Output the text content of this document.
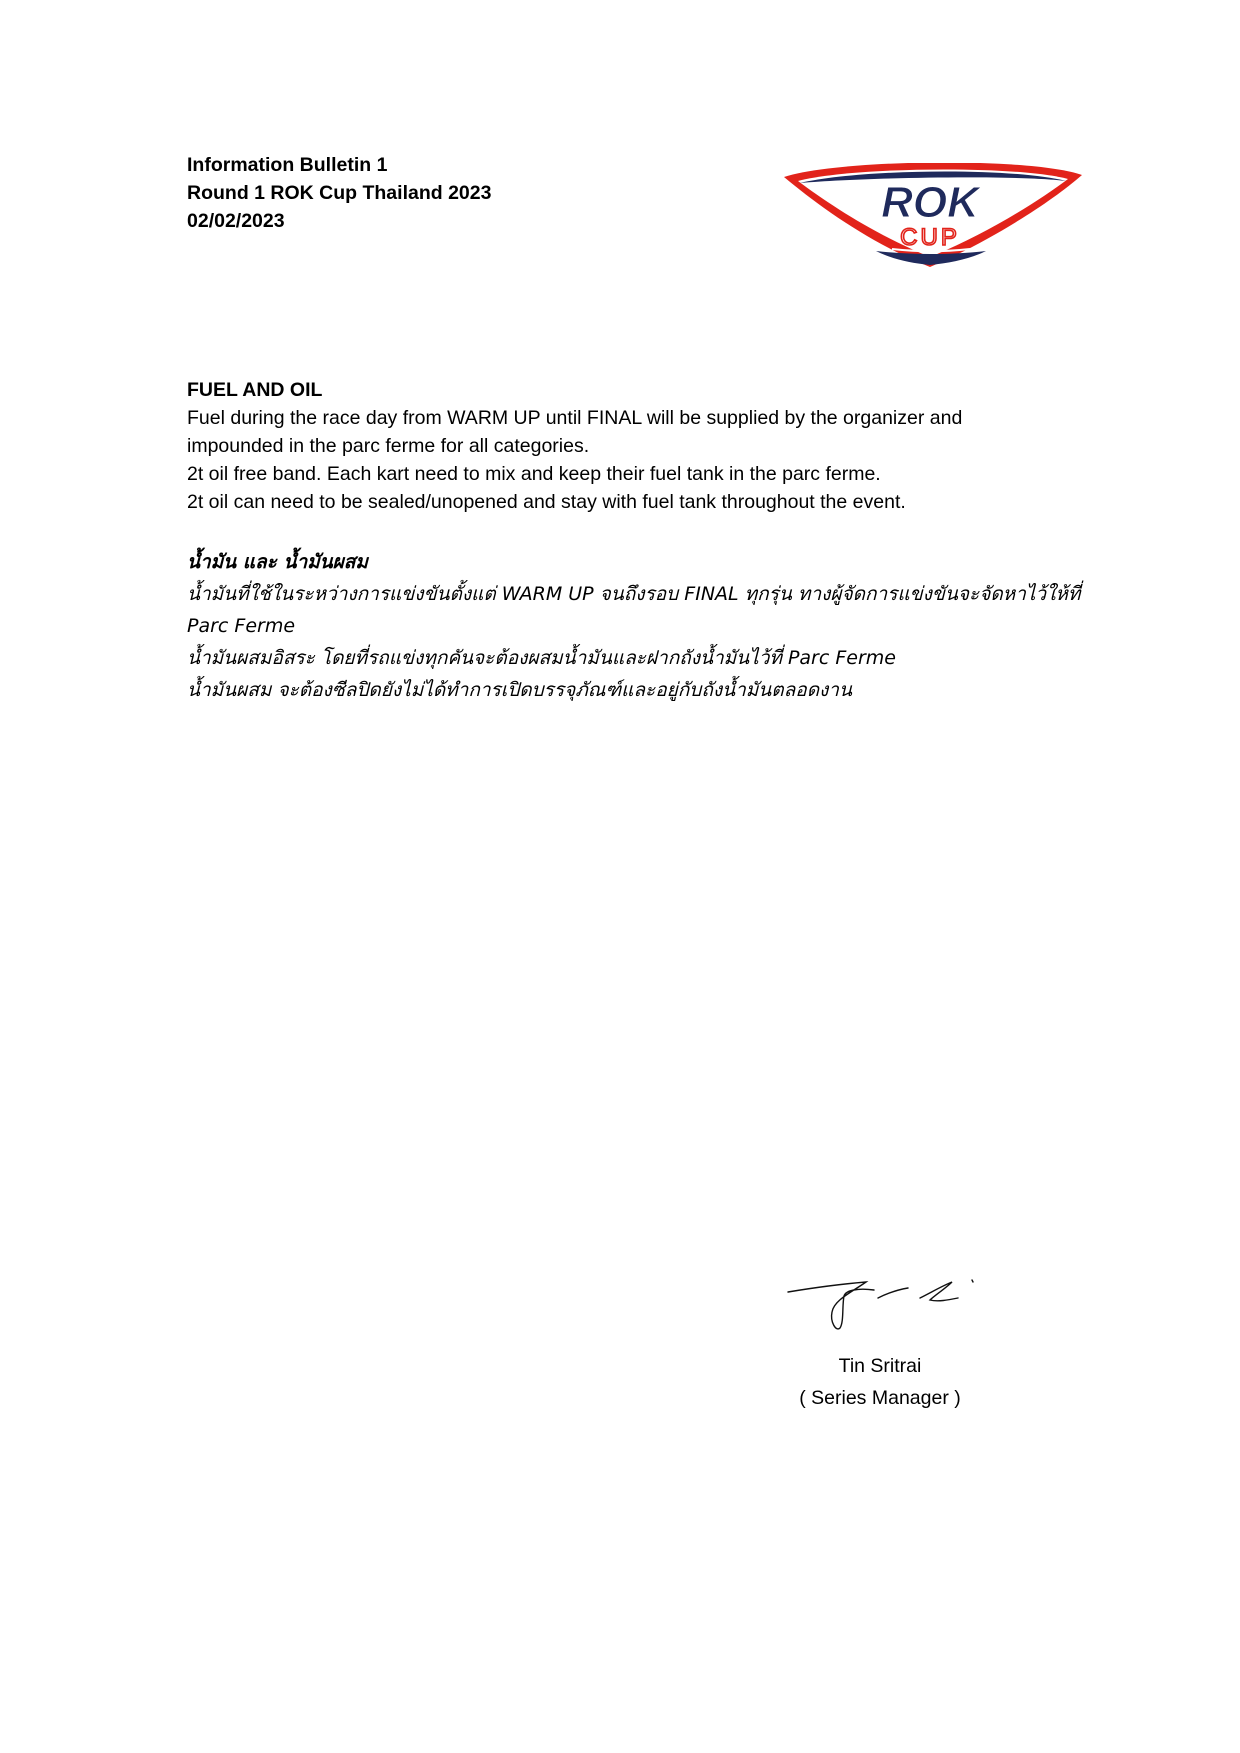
Information Bulletin 1
Round 1 ROK Cup Thailand 2023
02/02/2023	ROK
CUP
FUEL AND OIL
Fuel during the race day from WARM UP until FINAL will be supplied by the organizer and
impounded in the parc ferme for all categories.
2t oil free band. Each kart need to mix and keep their fuel tank in the parc ferme.
2t oil can need to be sealed/unopened and stay with fuel tank throughout the event.
น้ำมัน และ น้ำมันผสม
น้ำมันที่ใช้ในระหว่างการแข่งขันตั้งแต่ WARM UP จนถึงรอบ FINAL ทุกรุ่น ทางผู้จัดการแข่งขันจะจัดหาไว้ให้ที่
Parc Ferme
น้ำมันผสมอิสระ โดยที่รถแข่งทุกคันจะต้องผสมน้ำมันและฝากถังน้ำมันไว้ที่ Parc Ferme
น้ำมันผสม จะต้องซีลปิดยังไม่ได้ทำการเปิดบรรจุภัณฑ์และอยู่กับถังน้ำมันตลอดงาน
Tin Sritrai
( Series Manager )
